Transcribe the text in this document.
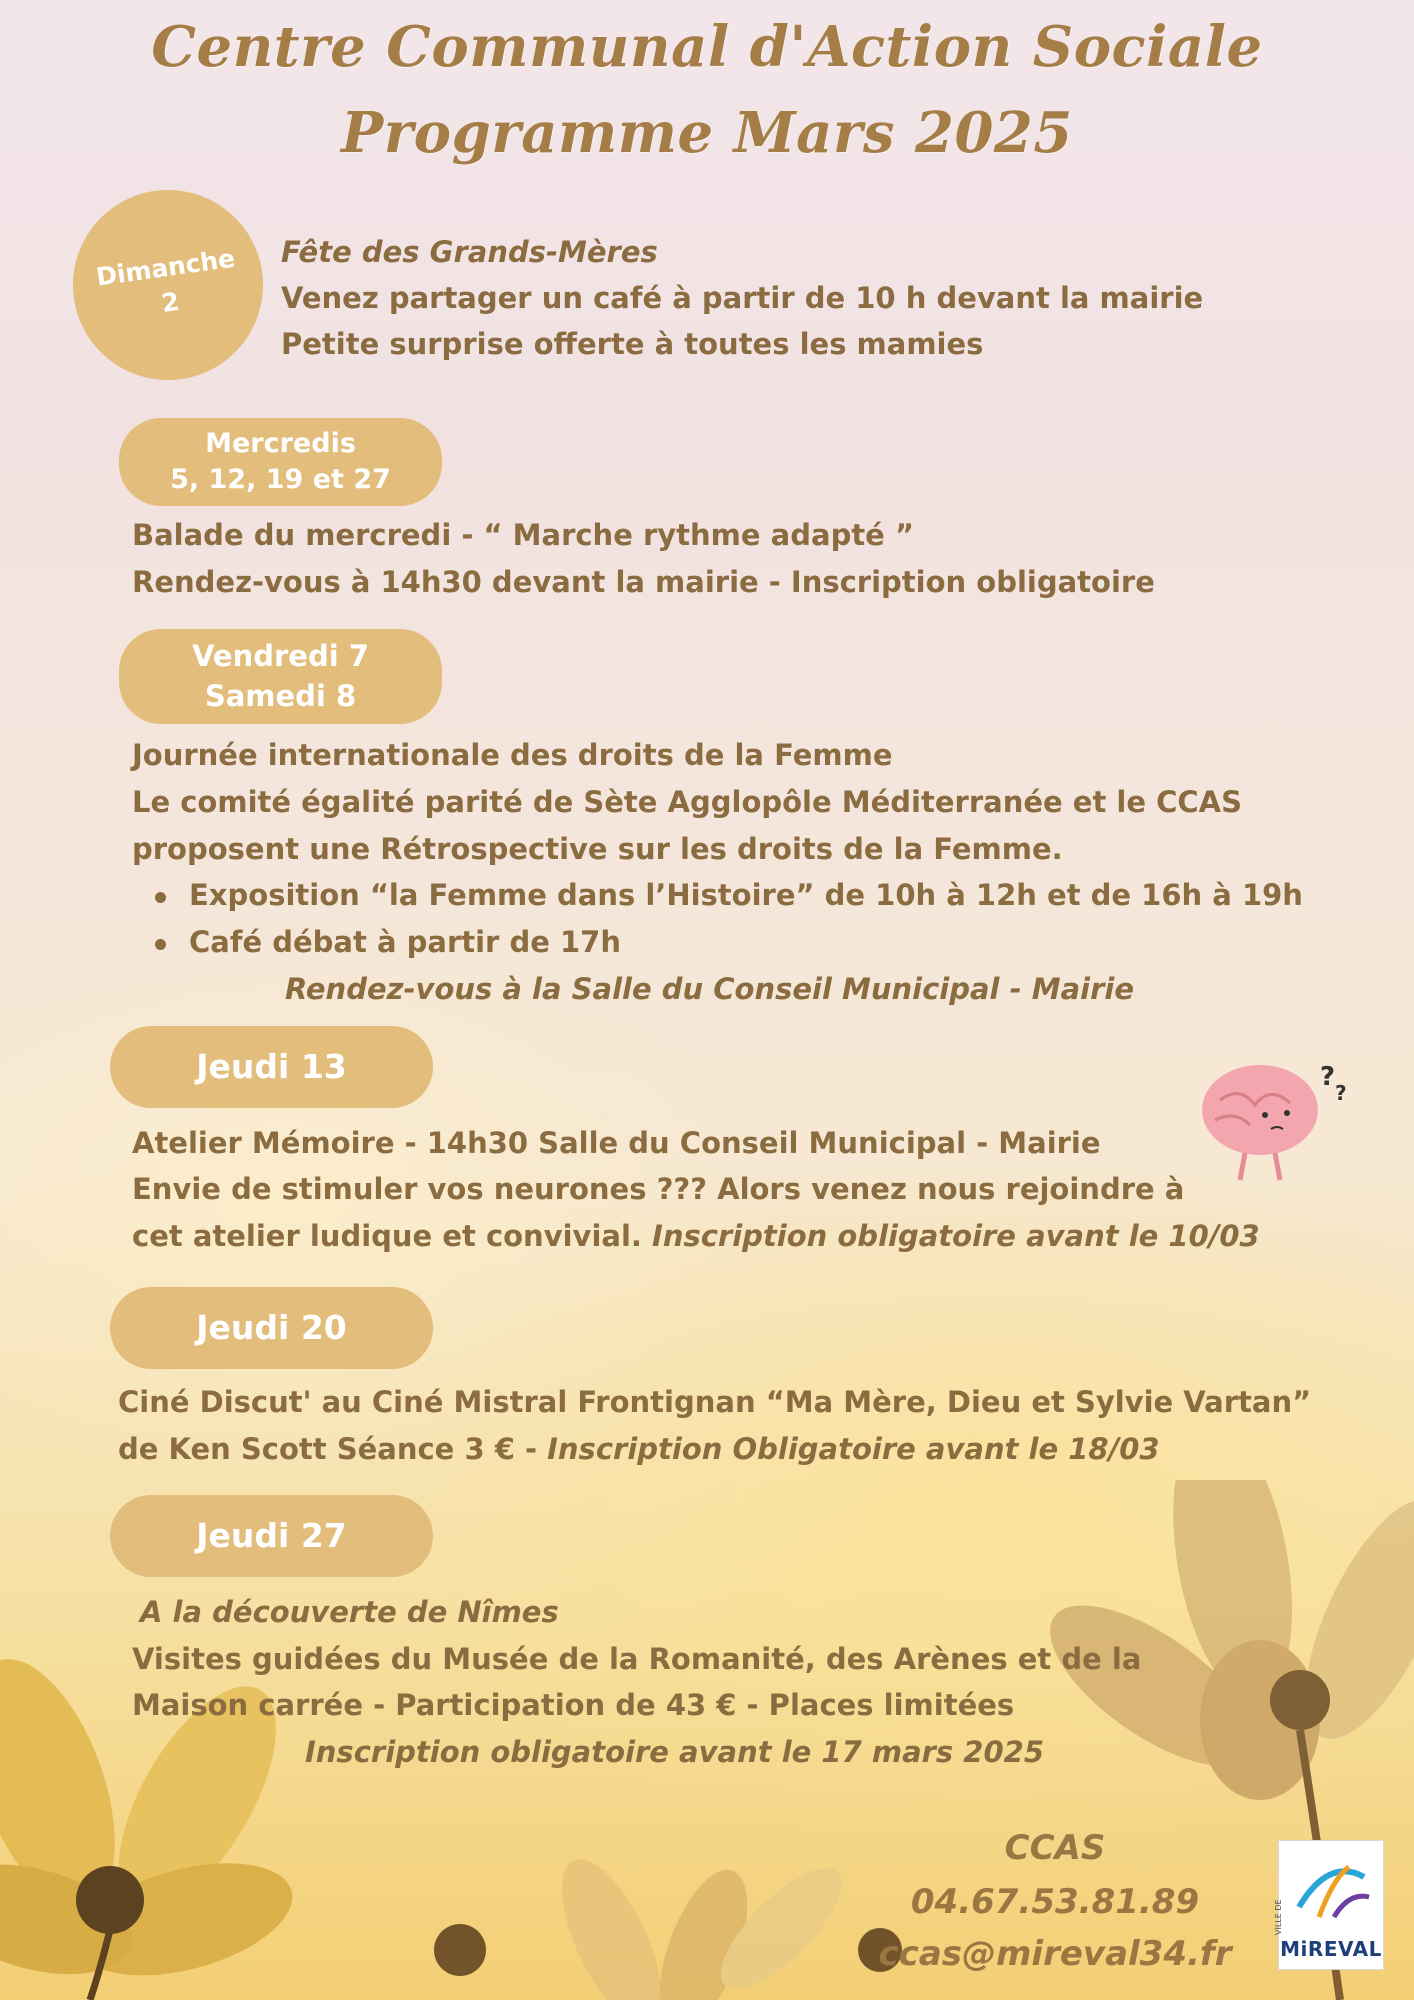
?
?
Centre Communal d'Action Sociale
Programme Mars 2025
Dimanche
2
Fête des Grands-Mères
Venez partager un café à partir de 10 h devant la mairie
Petite surprise offerte à toutes les mamies
Mercredis
5, 12, 19 et 27
Balade du mercredi - “ Marche rythme adapté ”
Rendez-vous à 14h30 devant la mairie - Inscription obligatoire
Vendredi 7
Samedi 8
Journée internationale des droits de la Femme
Le comité égalité parité de Sète Agglopôle Méditerranée et le CCAS
proposent une Rétrospective sur les droits de la Femme.
Exposition “la Femme dans l’Histoire” de 10h à 12h et de 16h à 19h
Café débat à partir de 17h
Rendez-vous à la Salle du Conseil Municipal - Mairie
Jeudi 13
Atelier Mémoire - 14h30 Salle du Conseil Municipal - Mairie
Envie de stimuler vos neurones ??? Alors venez nous rejoindre à
cet atelier ludique et convivial. Inscription obligatoire avant le 10/03
Jeudi 20
Ciné Discut' au Ciné Mistral Frontignan “Ma Mère, Dieu et Sylvie Vartan”
de Ken Scott Séance 3 € - Inscription Obligatoire avant le 18/03
Jeudi 27
A la découverte de Nîmes
Visites guidées du Musée de la Romanité, des Arènes et de la
Maison carrée - Participation de 43 € - Places limitées
Inscription obligatoire avant le 17 mars 2025
CCAS
04.67.53.81.89
ccas@mireval34.fr
VILLE DE
MiREVAL
